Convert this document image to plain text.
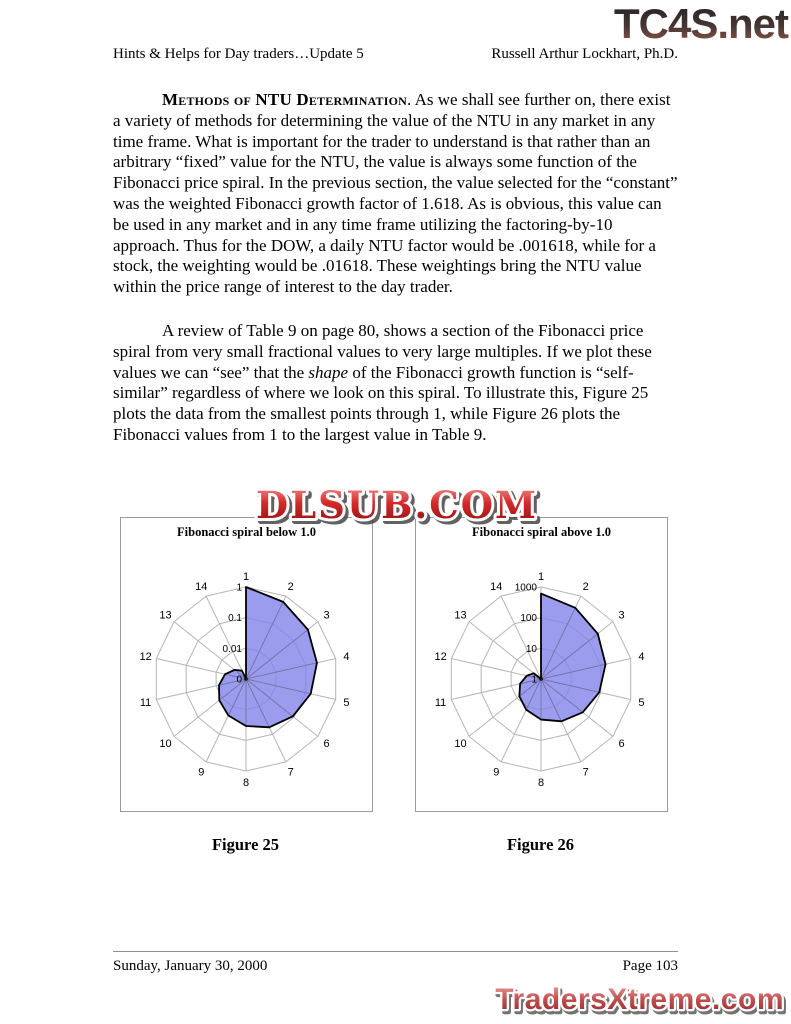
TC4S.net
Hints & Helps for Day traders…Update 5	Russell Arthur Lockhart, Ph.D.

Methods of NTU Determination. As we shall see further on, there exist a variety of methods for determining the value of the NTU in any market in any time frame. What is important for the trader to understand is that rather than an arbitrary “fixed” value for the NTU, the value is always some function of the Fibonacci price spiral. In the previous section, the value selected for the “constant” was the weighted Fibonacci growth factor of 1.618. As is obvious, this value can be used in any market and in any time frame utilizing the factoring-by-10 approach. Thus for the DOW, a daily NTU factor would be .001618, while for a stock, the weighting would be .01618. These weightings bring the NTU value within the price range of interest to the day trader.

A review of Table 9 on page 80, shows a section of the Fibonacci price spiral from very small fractional values to very large multiples. If we plot these values we can “see” that the shape of the Fibonacci growth function is “self-similar” regardless of where we look on this spiral. To illustrate this, Figure 25 plots the data from the smallest points through 1, while Figure 26 plots the Fibonacci values from 1 to the largest value in Table 9.

DLSUB.COM
1
2
3
4
5
6
7
8
9
10
11
12
13
14	1
0.1
0.01
0
Fibonacci spiral below 1.0
1
2
3
4
5
6
7
8
9
10
11
12
13
14 1000
100
10
1
Fibonacci spiral above 1.0
Figure 25	Figure 26
Sunday, January 30, 2000	Page 103
TradersXtreme.com
